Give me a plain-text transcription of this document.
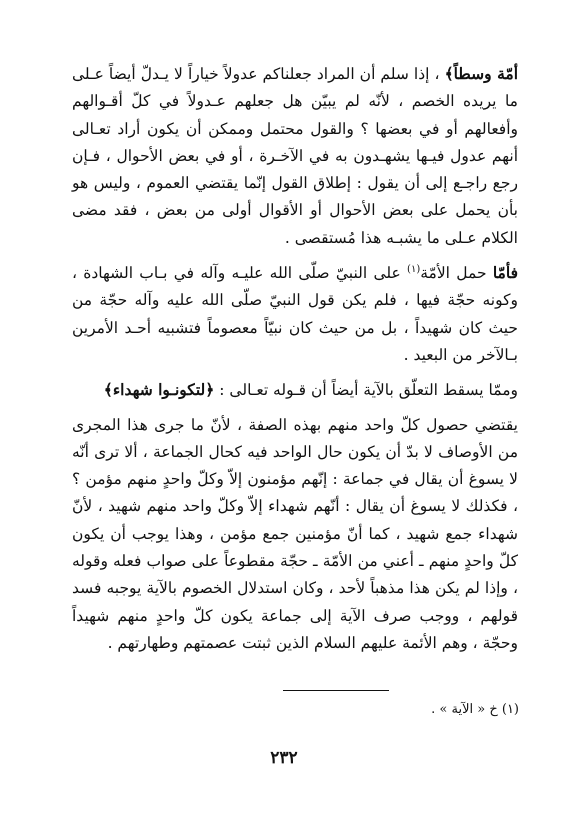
أمّة وسطاً﴾ ، إذا سلم أن المراد جعلناكم عدولاً خياراً لا يـدلّ أيضاً عـلى ما يريده الخصم ، لأنّه لم يبيّن هل جعلهم عـدولاً في كلّ أقـوالهم وأفعالهم أو في بعضها ؟ والقول محتمل وممكن أن يكون أراد تعـالى أنهم عدول فيـها يشهـدون به في الآخـرة ، أو في بعض الأحوال ، فـإن رجع راجـع إلى أن يقول : إطلاق القول إنّما يقتضي العموم ، وليس هو بأن يحمل على بعض الأحوال أو الأقوال أولى من بعض ، فقد مضى الكلام عـلى ما يشبـه هذا مُستقصى .

فأمّا حمل الأمّة$^{(١)}$ على النبيّ صلّى الله عليـه وآله في بـاب الشهادة ، وكونه حجّة فيها ، فلم يكن قول النبيّ صلّى الله عليه وآله حجّة من حيث كان شهيداً ، بل من حيث كان نبيّاً معصوماً فتشبيه أحـد الأمرين بـالآخر من البعيد .

وممّا يسقط التعلّق بالآية أيضاً أن قـوله تعـالى : ﴿لتكونـوا شهداء﴾

يقتضي حصول كلّ واحد منهم بهذه الصفة ، لأنّ ما جرى هذا المجرى من الأوصاف لا بدّ أن يكون حال الواحد فيه كحال الجماعة ، ألا ترى أنّه لا يسوغ أن يقال في جماعة : إنّهم مؤمنون إلاّ وكلّ واحدٍ منهم مؤمن ؟ ، فكذلك لا يسوغ أن يقال : أنّهم شهداء إلاّ وكلّ واحد منهم شهيد ، لأنّ شهداء جمع شهيد ، كما أنّ مؤمنين جمع مؤمن ، وهذا يوجب أن يكون كلّ واحدٍ منهم ـ أعني من الأمّة ـ حجّة مقطوعاً على صواب فعله وقوله ، وإذا لم يكن هذا مذهباً لأحد ، وكان استدلال الخصوم بالآية يوجبه فسد قولهم ، ووجب صرف الآية إلى جماعة يكون كلّ واحدٍ منهم شهيداً وحجّة ، وهم الأئمة عليهم السلام الذين ثبتت عصمتهم وطهارتهم .

(١) خ « الآية » .
٢٣٢
